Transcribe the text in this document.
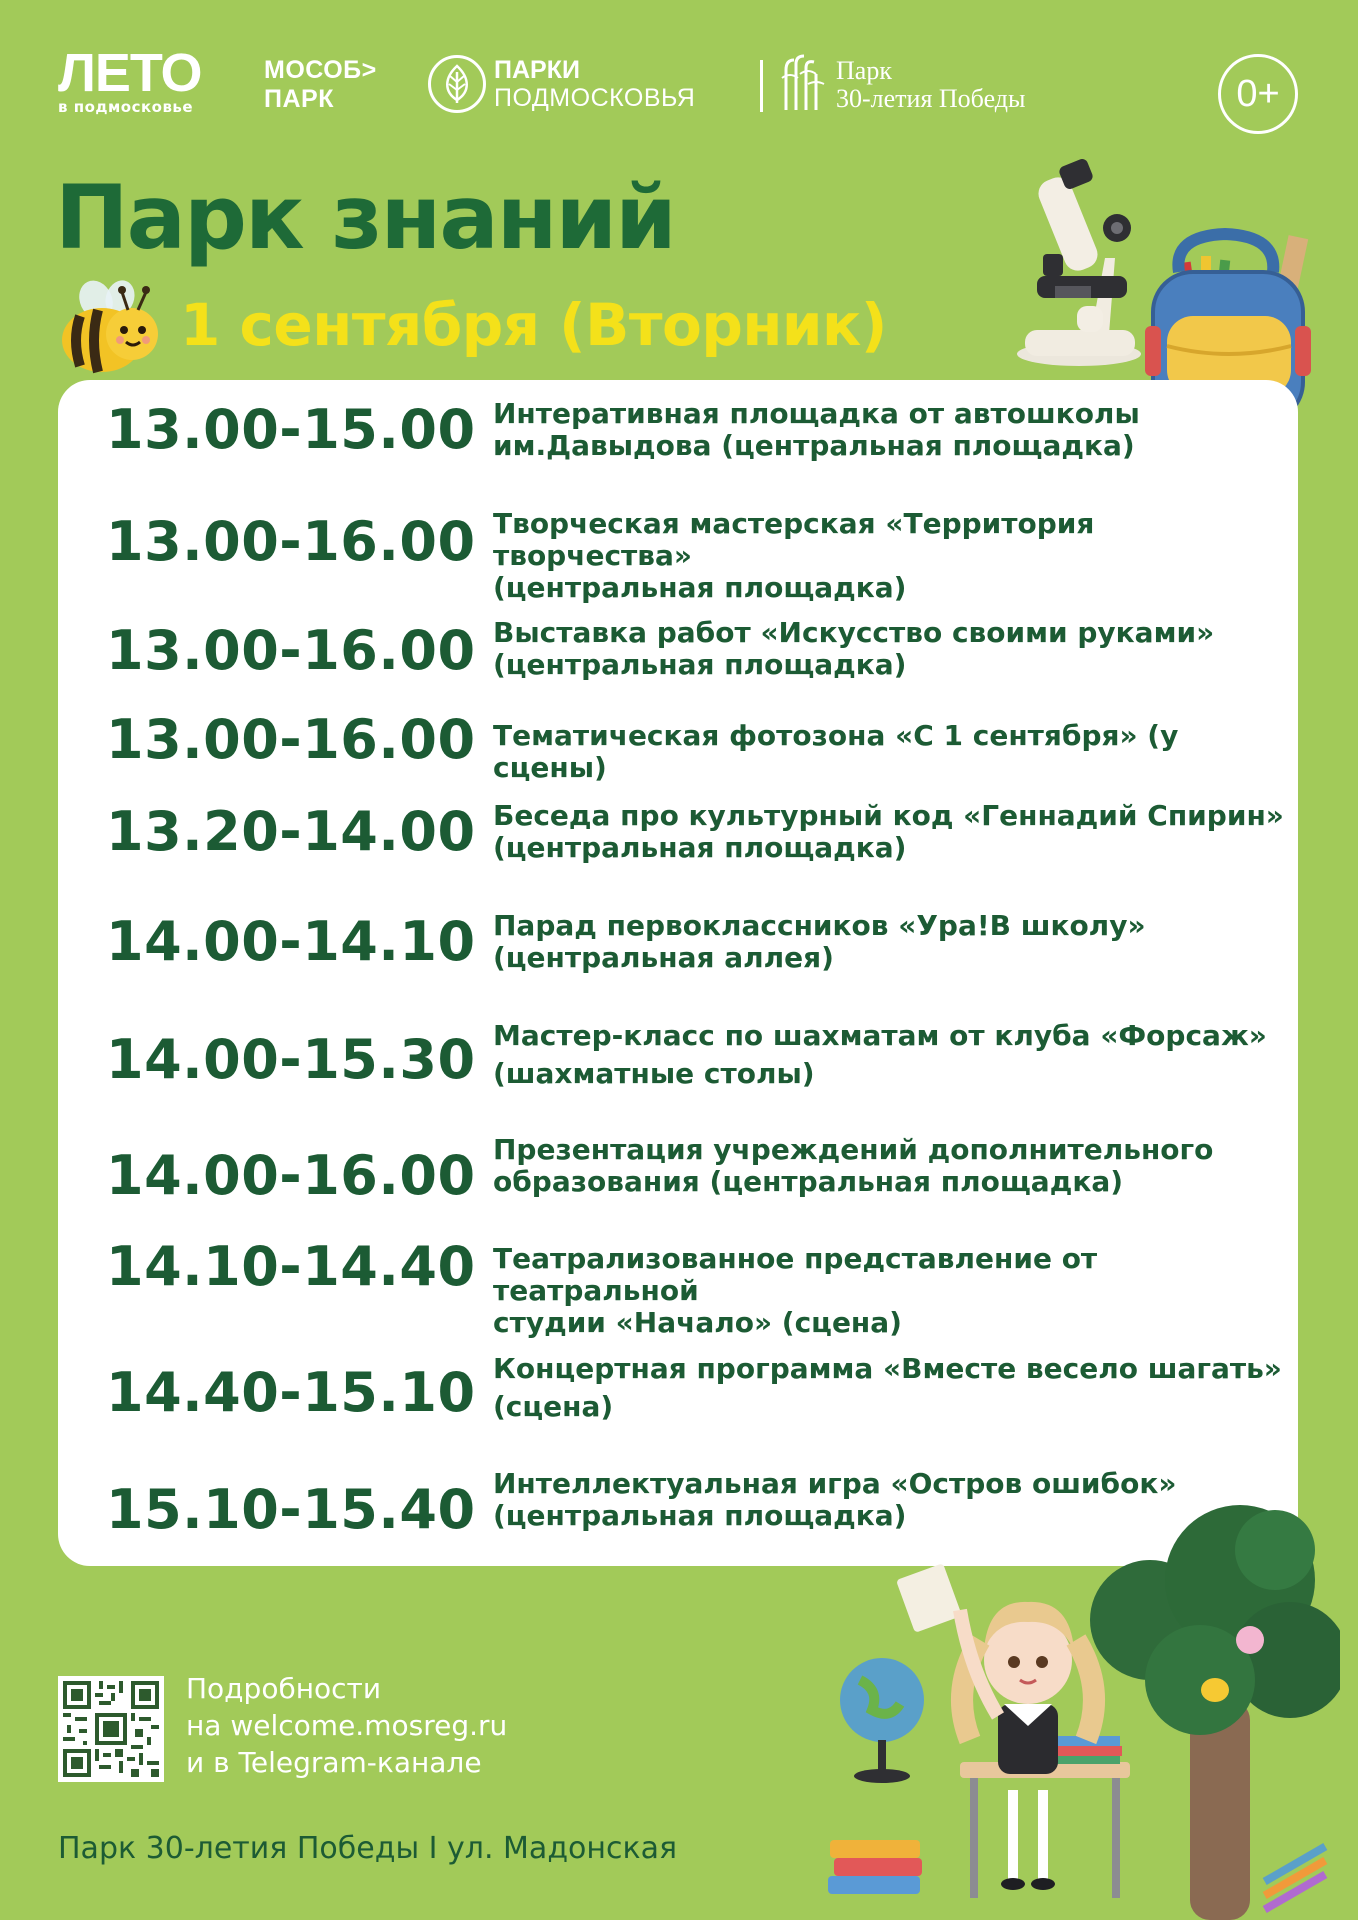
ЛЕТО
в подмосковье
МОСОБ>
ПАРК
ПАРКИ
ПОДМОСКОВЬЯ
Парк
30-летия Победы	0+
Парк знаний
1 сентября (Вторник)
13.00-15.00 Интеративная площадка от автошколы
им.Давыдова (центральная площадка)
13.00-16.00 Творческая мастерская «Территория творчества»
(центральная площадка)
13.00-16.00 Выставка работ «Искусство своими руками»
(центральная площадка)
13.00-16.00 Тематическая фотозона «С 1 сентября» (у сцены)
13.20-14.00 Беседа про культурный код «Геннадий Спирин»
(центральная площадка)
14.00-14.10 Парад первоклассников «Ура!В школу»
(центральная аллея)
14.00-15.30 Мастер-класс по шахматам от клуба «Форсаж»
(шахматные столы)
14.00-16.00 Презентация учреждений дополнительного
образования (центральная площадка)
14.10-14.40 Театрализованное представление от театральной
студии «Начало» (сцена)
14.40-15.10 Концертная программа «Вместе весело шагать»
(сцена)
15.10-15.40 Интеллектуальная игра «Остров ошибок»
(центральная площадка)
Подробности
на welcome.mosreg.ru
и в Telegram-канале
Парк 30-летия Победы I ул. Мадонская
